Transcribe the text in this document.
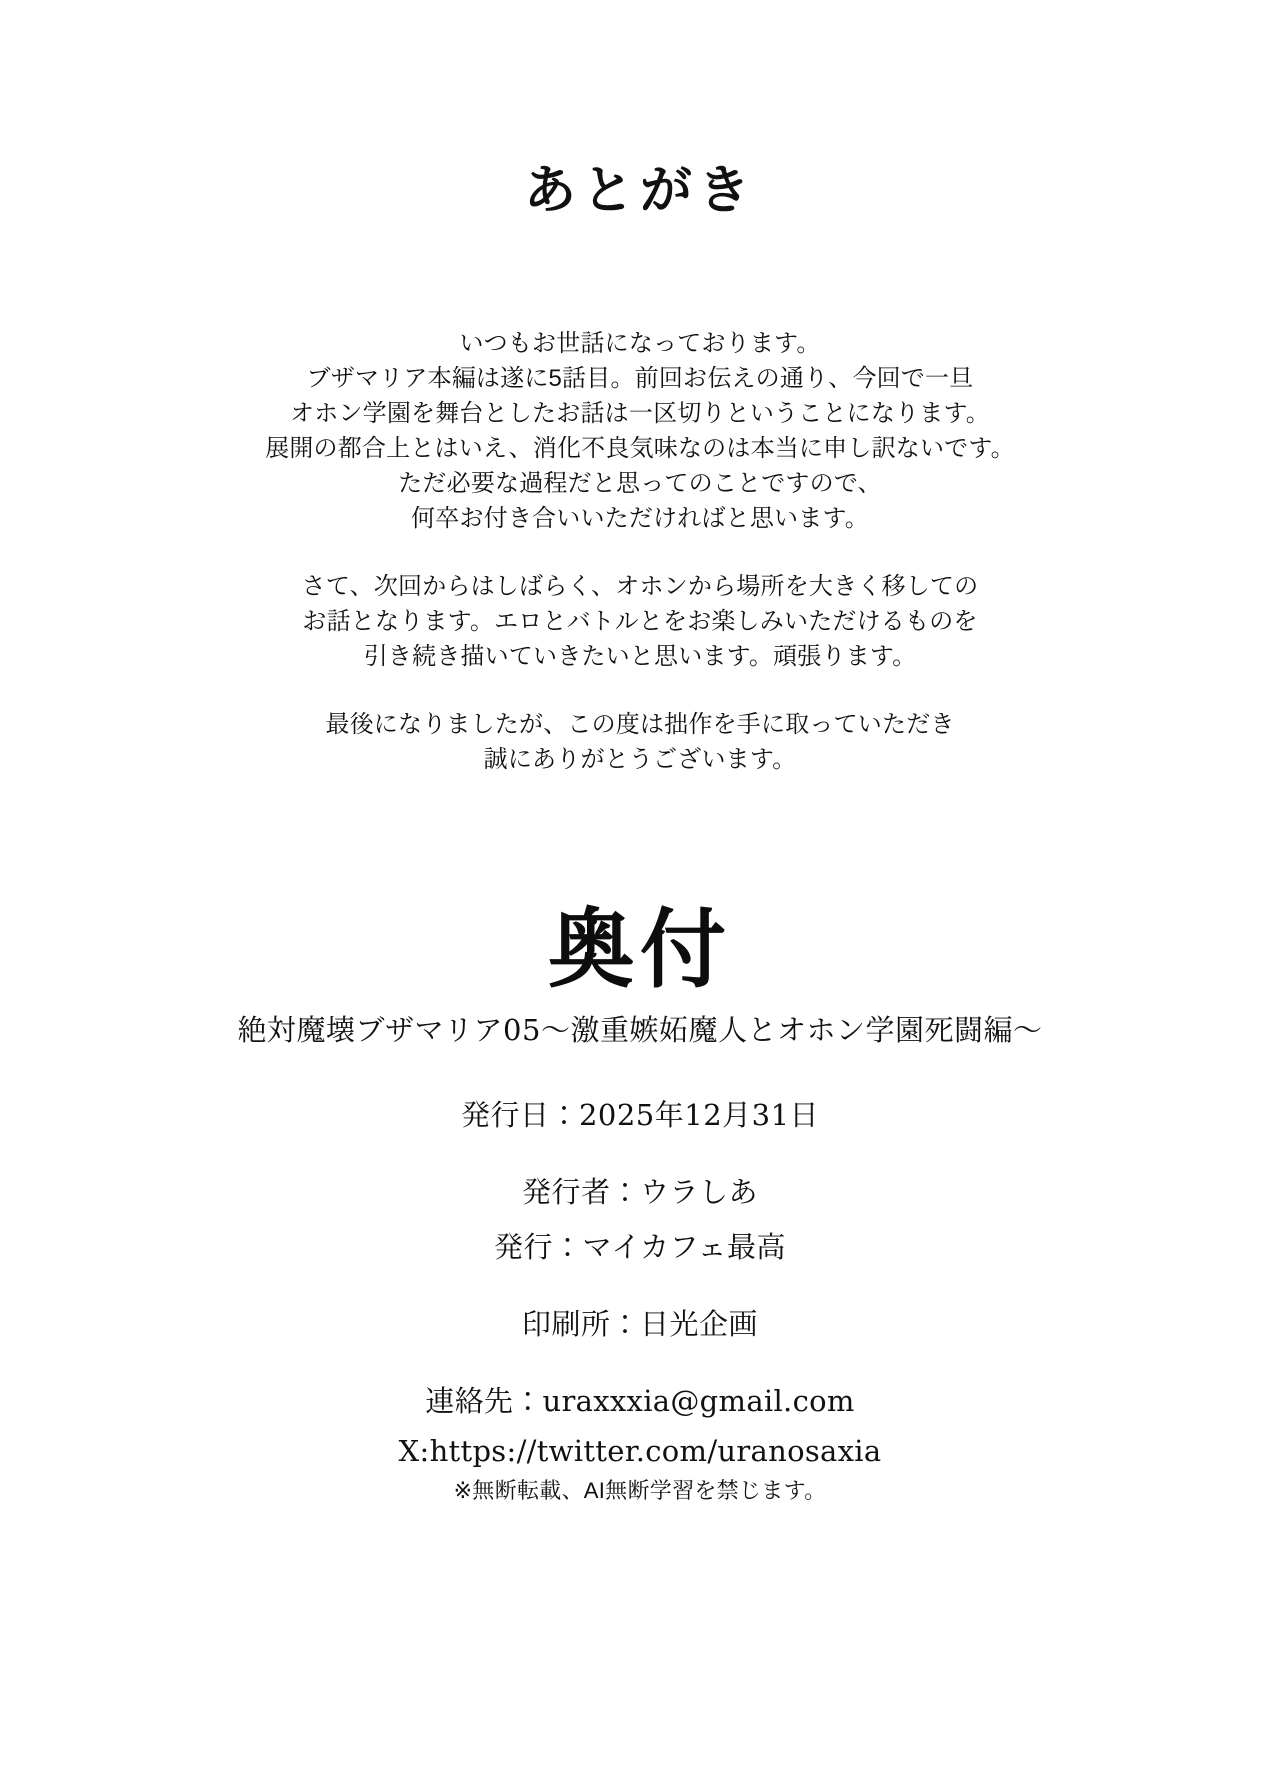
あとがき

いつもお世話になっております。
ブザマリア本編は遂に5話目。前回お伝えの通り、今回で一旦
オホン学園を舞台としたお話は一区切りということになります。
展開の都合上とはいえ、消化不良気味なのは本当に申し訳ないです。
ただ必要な過程だと思ってのことですので、
何卒お付き合いいただければと思います。

さて、次回からはしばらく、オホンから場所を大きく移しての
お話となります。エロとバトルとをお楽しみいただけるものを
引き続き描いていきたいと思います。頑張ります。

最後になりましたが、この度は拙作を手に取っていただき
誠にありがとうございます。

奥付
絶対魔壊ブザマリア05〜激重嫉妬魔人とオホン学園死闘編〜
発行日：2025年12月31日
発行者：ウラしあ
発行：マイカフェ最高
印刷所：日光企画
連絡先：uraxxxia@gmail.com
X:https://twitter.com/uranosaxia
※無断転載、AI無断学習を禁じます。
